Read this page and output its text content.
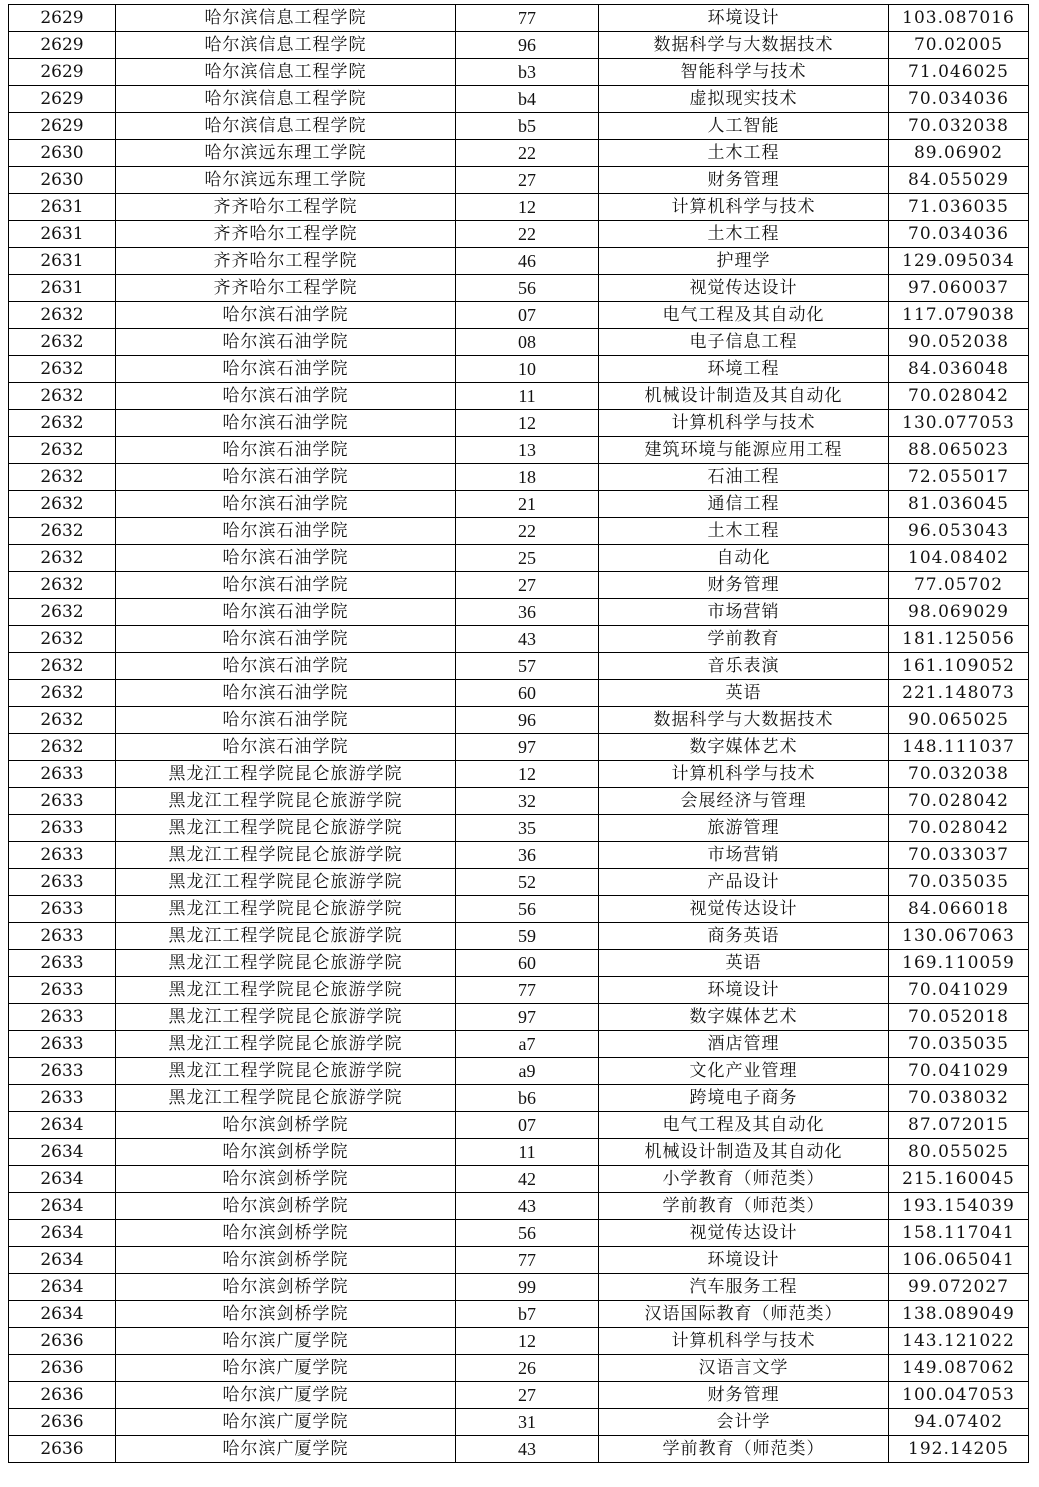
2629	哈尔滨信息工程学院	77	环境设计	103.087016
2629	哈尔滨信息工程学院	96	数据科学与大数据技术	70.02005
2629	哈尔滨信息工程学院	b3	智能科学与技术	71.046025
2629	哈尔滨信息工程学院	b4	虚拟现实技术	70.034036
2629	哈尔滨信息工程学院	b5	人工智能	70.032038
2630	哈尔滨远东理工学院	22	土木工程	89.06902
2630	哈尔滨远东理工学院	27	财务管理	84.055029
2631	齐齐哈尔工程学院	12	计算机科学与技术	71.036035
2631	齐齐哈尔工程学院	22	土木工程	70.034036
2631	齐齐哈尔工程学院	46	护理学	129.095034
2631	齐齐哈尔工程学院	56	视觉传达设计	97.060037
2632	哈尔滨石油学院	07	电气工程及其自动化	117.079038
2632	哈尔滨石油学院	08	电子信息工程	90.052038
2632	哈尔滨石油学院	10	环境工程	84.036048
2632	哈尔滨石油学院	11	机械设计制造及其自动化	70.028042
2632	哈尔滨石油学院	12	计算机科学与技术	130.077053
2632	哈尔滨石油学院	13	建筑环境与能源应用工程	88.065023
2632	哈尔滨石油学院	18	石油工程	72.055017
2632	哈尔滨石油学院	21	通信工程	81.036045
2632	哈尔滨石油学院	22	土木工程	96.053043
2632	哈尔滨石油学院	25	自动化	104.08402
2632	哈尔滨石油学院	27	财务管理	77.05702
2632	哈尔滨石油学院	36	市场营销	98.069029
2632	哈尔滨石油学院	43	学前教育	181.125056
2632	哈尔滨石油学院	57	音乐表演	161.109052
2632	哈尔滨石油学院	60	英语	221.148073
2632	哈尔滨石油学院	96	数据科学与大数据技术	90.065025
2632	哈尔滨石油学院	97	数字媒体艺术	148.111037
2633	黑龙江工程学院昆仑旅游学院	12	计算机科学与技术	70.032038
2633	黑龙江工程学院昆仑旅游学院	32	会展经济与管理	70.028042
2633	黑龙江工程学院昆仑旅游学院	35	旅游管理	70.028042
2633	黑龙江工程学院昆仑旅游学院	36	市场营销	70.033037
2633	黑龙江工程学院昆仑旅游学院	52	产品设计	70.035035
2633	黑龙江工程学院昆仑旅游学院	56	视觉传达设计	84.066018
2633	黑龙江工程学院昆仑旅游学院	59	商务英语	130.067063
2633	黑龙江工程学院昆仑旅游学院	60	英语	169.110059
2633	黑龙江工程学院昆仑旅游学院	77	环境设计	70.041029
2633	黑龙江工程学院昆仑旅游学院	97	数字媒体艺术	70.052018
2633	黑龙江工程学院昆仑旅游学院	a7	酒店管理	70.035035
2633	黑龙江工程学院昆仑旅游学院	a9	文化产业管理	70.041029
2633	黑龙江工程学院昆仑旅游学院	b6	跨境电子商务	70.038032
2634	哈尔滨剑桥学院	07	电气工程及其自动化	87.072015
2634	哈尔滨剑桥学院	11	机械设计制造及其自动化	80.055025
2634	哈尔滨剑桥学院	42	小学教育（师范类）	215.160045
2634	哈尔滨剑桥学院	43	学前教育（师范类）	193.154039
2634	哈尔滨剑桥学院	56	视觉传达设计	158.117041
2634	哈尔滨剑桥学院	77	环境设计	106.065041
2634	哈尔滨剑桥学院	99	汽车服务工程	99.072027
2634	哈尔滨剑桥学院	b7	汉语国际教育（师范类）	138.089049
2636	哈尔滨广厦学院	12	计算机科学与技术	143.121022
2636	哈尔滨广厦学院	26	汉语言文学	149.087062
2636	哈尔滨广厦学院	27	财务管理	100.047053
2636	哈尔滨广厦学院	31	会计学	94.07402
2636	哈尔滨广厦学院	43	学前教育（师范类）	192.14205
